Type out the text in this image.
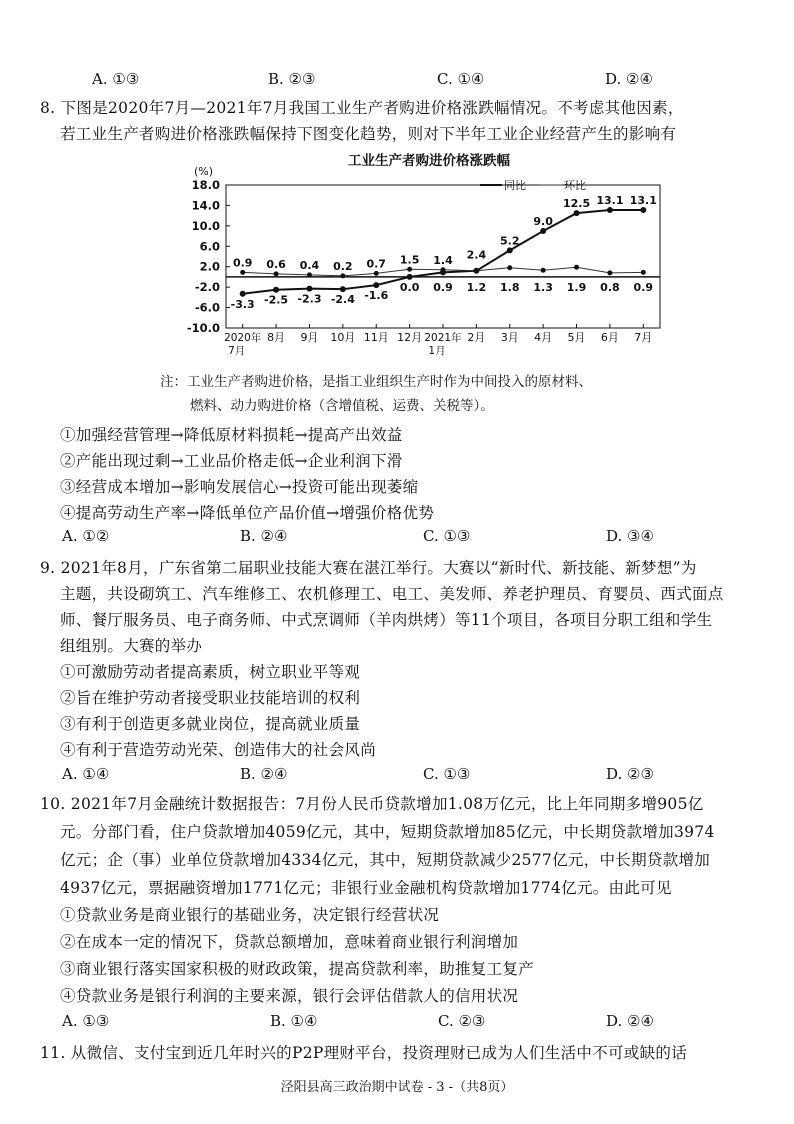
A. ①③	B. ②③	C. ①④	D. ②④
8. 下图是2020年7月—2021年7月我国工业生产者购进价格涨跌幅情况。不考虑其他因素，
若工业生产者购进价格涨跌幅保持下图变化趋势，则对下半年工业企业经营产生的影响有
工业生产者购进价格涨跌幅
(%)
18.0
14.0
10.0
6.0
2.0
-2.0
-6.0
-10.0
2020年
7月
8月 9月 10月 11月 12月 2021年
1月
2月 3月 4月 5月 6月 7月
-3.3 -2.5 -2.3 -2.4 -1.6
0.0 0.9
2.4
5.2
9.0
12.5 13.1 13.1
0.9 0.6 0.4 0.2 0.7 1.5 1.4
1.2 1.8 1.3 1.9 0.8 0.9
同比	环比
注：工业生产者购进价格，是指工业组织生产时作为中间投入的原材料、
燃料、动力购进价格（含增值税、运费、关税等）。
①加强经营管理→降低原材料损耗→提高产出效益
②产能出现过剩→工业品价格走低→企业利润下滑
③经营成本增加→影响发展信心→投资可能出现萎缩
④提高劳动生产率→降低单位产品价值→增强价格优势
A. ①②	B. ②④	C. ①③	D. ③④
9. 2021年8月，广东省第二届职业技能大赛在湛江举行。大赛以“新时代、新技能、新梦想”为
主题，共设砌筑工、汽车维修工、农机修理工、电工、美发师、养老护理员、育婴员、西式面点
师、餐厅服务员、电子商务师、中式烹调师（羊肉烘烤）等11个项目，各项目分职工组和学生
组组别。大赛的举办
①可激励劳动者提高素质，树立职业平等观
②旨在维护劳动者接受职业技能培训的权利
③有利于创造更多就业岗位，提高就业质量
④有利于营造劳动光荣、创造伟大的社会风尚
A. ①④	B. ②④	C. ①③	D. ②③
10. 2021年7月金融统计数据报告：7月份人民币贷款增加1.08万亿元，比上年同期多增905亿
元。分部门看，住户贷款增加4059亿元，其中，短期贷款增加85亿元，中长期贷款增加3974
亿元；企（事）业单位贷款增加4334亿元，其中，短期贷款减少2577亿元，中长期贷款增加
4937亿元，票据融资增加1771亿元；非银行业金融机构贷款增加1774亿元。由此可见
①贷款业务是商业银行的基础业务，决定银行经营状况
②在成本一定的情况下，贷款总额增加，意味着商业银行利润增加
③商业银行落实国家积极的财政政策，提高贷款利率，助推复工复产
④贷款业务是银行利润的主要来源，银行会评估借款人的信用状况
A. ①③	B. ①④	C. ②③	D. ②④
11. 从微信、支付宝到近几年时兴的P2P理财平台，投资理财已成为人们生活中不可或缺的话
泾阳县高三政治期中试卷 - 3 -（共8页）
